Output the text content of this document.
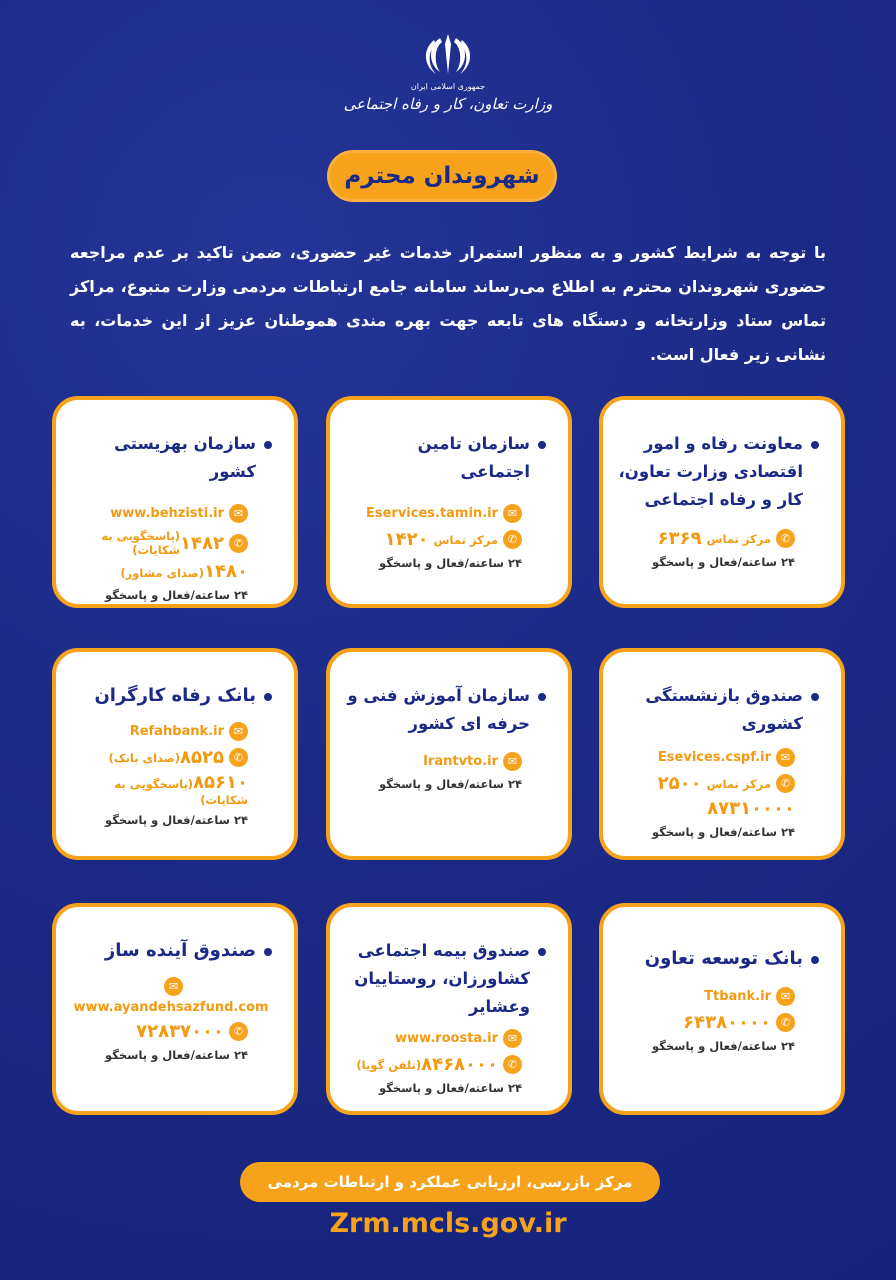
جمهوری اسلامی ایران
وزارت تعاون، کار و رفاه اجتماعی
شهروندان محترم
با توجه به شرایط کشور و به منظور استمرار خدمات غیر حضوری، ضمن تاکید بر عدم مراجعه حضوری شهروندان محترم به اطلاع می‌رساند سامانه جامع ارتباطات مردمی وزارت متبوع، مراکز تماس ستاد وزارتخانه و دستگاه های تابعه جهت بهره مندی هموطنان عزیز از این خدمات، به نشانی زیر فعال است.
معاونت رفاه و امور اقتصادی وزارت تعاون، کار و رفاه اجتماعی
✆
مرکز تماس

۶۳۶۹
۲۴ ساعته/فعال و پاسخگو
سازمان تامین اجتماعی
✉
Eservices.tamin.ir
✆
مرکز تماس

۱۴۲۰
۲۴ ساعته/فعال و پاسخگو
سازمان بهزیستی کشور
✉
www.behzisti.ir
✆
۱۴۸۲
(پاسخگویی به شکایات)
۱۴۸۰(صدای مشاور)
۲۴ ساعته/فعال و پاسخگو
صندوق بازنشستگی کشوری
✉
Esevices.cspf.ir
✆
مرکز تماس

۲۵۰۰
۸۷۳۱۰۰۰۰
۲۴ ساعته/فعال و پاسخگو
سازمان آموزش فنی و حرفه ای کشور
✉
Irantvto.ir
۲۴ ساعته/فعال و پاسخگو
بانک رفاه کارگران
✉
Refahbank.ir
✆
۸۵۲۵
(صدای بانک)
۸۵۶۱۰(پاسخگویی به شکایات)
۲۴ ساعته/فعال و پاسخگو
بانک توسعه تعاون
✉
Ttbank.ir
✆
۶۴۳۸۰۰۰۰
۲۴ ساعته/فعال و پاسخگو
صندوق بیمه اجتماعی کشاورزان، روستاییان وعشایر
✉
www.roosta.ir
✆
۸۴۶۸۰۰۰
(تلفن گویا)
۲۴ ساعته/فعال و پاسخگو
صندوق آینده ساز
✉
www.ayandehsazfund.com
✆
۷۲۸۳۷۰۰۰
۲۴ ساعته/فعال و پاسخگو
مرکز بازرسی، ارزیابی عملکرد و ارتباطات مردمی
Zrm.mcls.gov.ir
